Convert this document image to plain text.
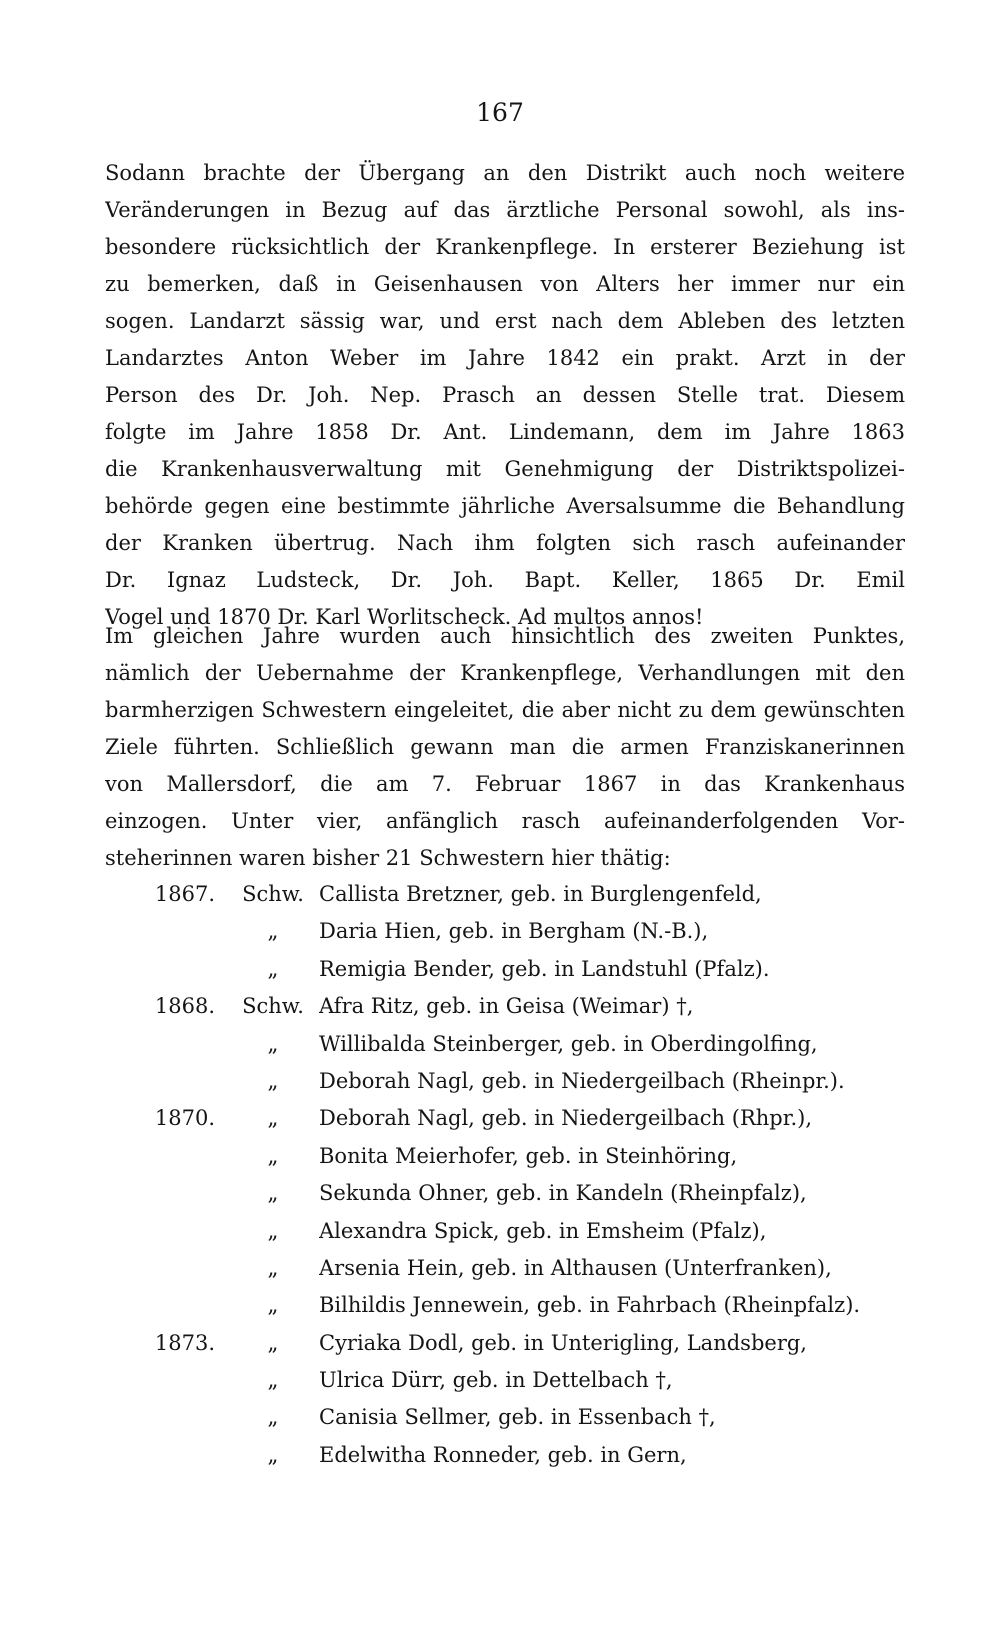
167
Sodann brachte der Übergang an den Distrikt auch noch weitere
Veränderungen in Bezug auf das ärztliche Personal sowohl, als ins-
besondere rücksichtlich der Krankenpflege. In ersterer Beziehung ist
zu bemerken, daß in Geisenhausen von Alters her immer nur ein
sogen. Landarzt sässig war, und erst nach dem Ableben des letzten
Landarztes Anton Weber im Jahre 1842 ein prakt. Arzt in der
Person des Dr. Joh. Nep. Prasch an dessen Stelle trat. Diesem
folgte im Jahre 1858 Dr. Ant. Lindemann, dem im Jahre 1863
die Krankenhausverwaltung mit Genehmigung der Distriktspolizei-
behörde gegen eine bestimmte jährliche Aversalsumme die Behandlung
der Kranken übertrug. Nach ihm folgten sich rasch aufeinander
Dr. Ignaz Ludsteck, Dr. Joh. Bapt. Keller, 1865 Dr. Emil
Vogel und 1870 Dr. Karl Worlitscheck. Ad multos annos!
Im gleichen Jahre wurden auch hinsichtlich des zweiten Punktes,
nämlich der Uebernahme der Krankenpflege, Verhandlungen mit den
barmherzigen Schwestern eingeleitet, die aber nicht zu dem gewünschten
Ziele führten. Schließlich gewann man die armen Franziskanerinnen
von Mallersdorf, die am 7. Februar 1867 in das Krankenhaus
einzogen. Unter vier, anfänglich rasch aufeinanderfolgenden Vor-
steherinnen waren bisher 21 Schwestern hier thätig:
1867.	Schw. Callista Bretzner, geb. in Burglengenfeld,
„	Daria Hien, geb. in Bergham (N.-B.),
„	Remigia Bender, geb. in Landstuhl (Pfalz).
1868.	Schw. Afra Ritz, geb. in Geisa (Weimar) †,
„	Willibalda Steinberger, geb. in Oberdingolfing,
„	Deborah Nagl, geb. in Niedergeilbach (Rheinpr.).
1870.	„	Deborah Nagl, geb. in Niedergeilbach (Rhpr.),
„	Bonita Meierhofer, geb. in Steinhöring,
„	Sekunda Ohner, geb. in Kandeln (Rheinpfalz),
„	Alexandra Spick, geb. in Emsheim (Pfalz),
„	Arsenia Hein, geb. in Althausen (Unterfranken),
„	Bilhildis Jennewein, geb. in Fahrbach (Rheinpfalz).
1873.	„	Cyriaka Dodl, geb. in Unterigling, Landsberg,
„	Ulrica Dürr, geb. in Dettelbach †,
„	Canisia Sellmer, geb. in Essenbach †,
„	Edelwitha Ronneder, geb. in Gern,
